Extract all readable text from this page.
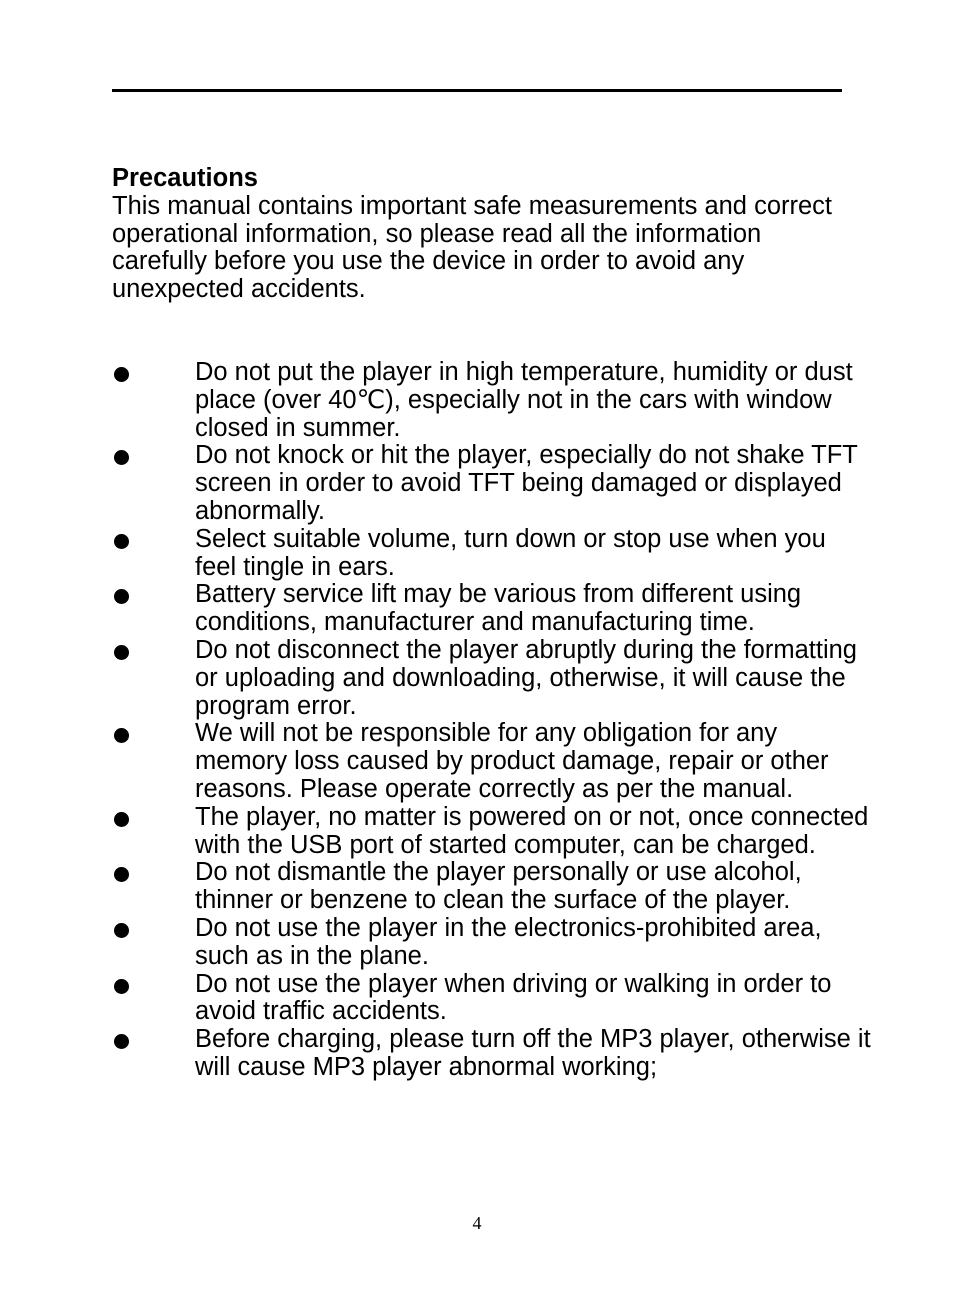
Precautions

This manual contains important safe measurements and correct operational information, so please read all the information carefully before you use the device in order to avoid any unexpected accidents.

Do not put the player in high temperature, humidity or dust place (over 40℃), especially not in the cars with window closed in summer.
Do not knock or hit the player, especially do not shake TFT screen in order to avoid TFT being damaged or displayed abnormally.
Select suitable volume, turn down or stop use when you feel tingle in ears.
Battery service lift may be various from different using conditions, manufacturer and manufacturing time.
Do not disconnect the player abruptly during the formatting or uploading and downloading, otherwise, it will cause the program error.
We will not be responsible for any obligation for any memory loss caused by product damage, repair or other reasons. Please operate correctly as per the manual.
The player, no matter is powered on or not, once connected with the USB port of started computer, can be charged.
Do not dismantle the player personally or use alcohol, thinner or benzene to clean the surface of the player.
Do not use the player in the electronics-prohibited area, such as in the plane.
Do not use the player when driving or walking in order to avoid traffic accidents.
Before charging, please turn off the MP3 player, otherwise it will cause MP3 player abnormal working;
4
